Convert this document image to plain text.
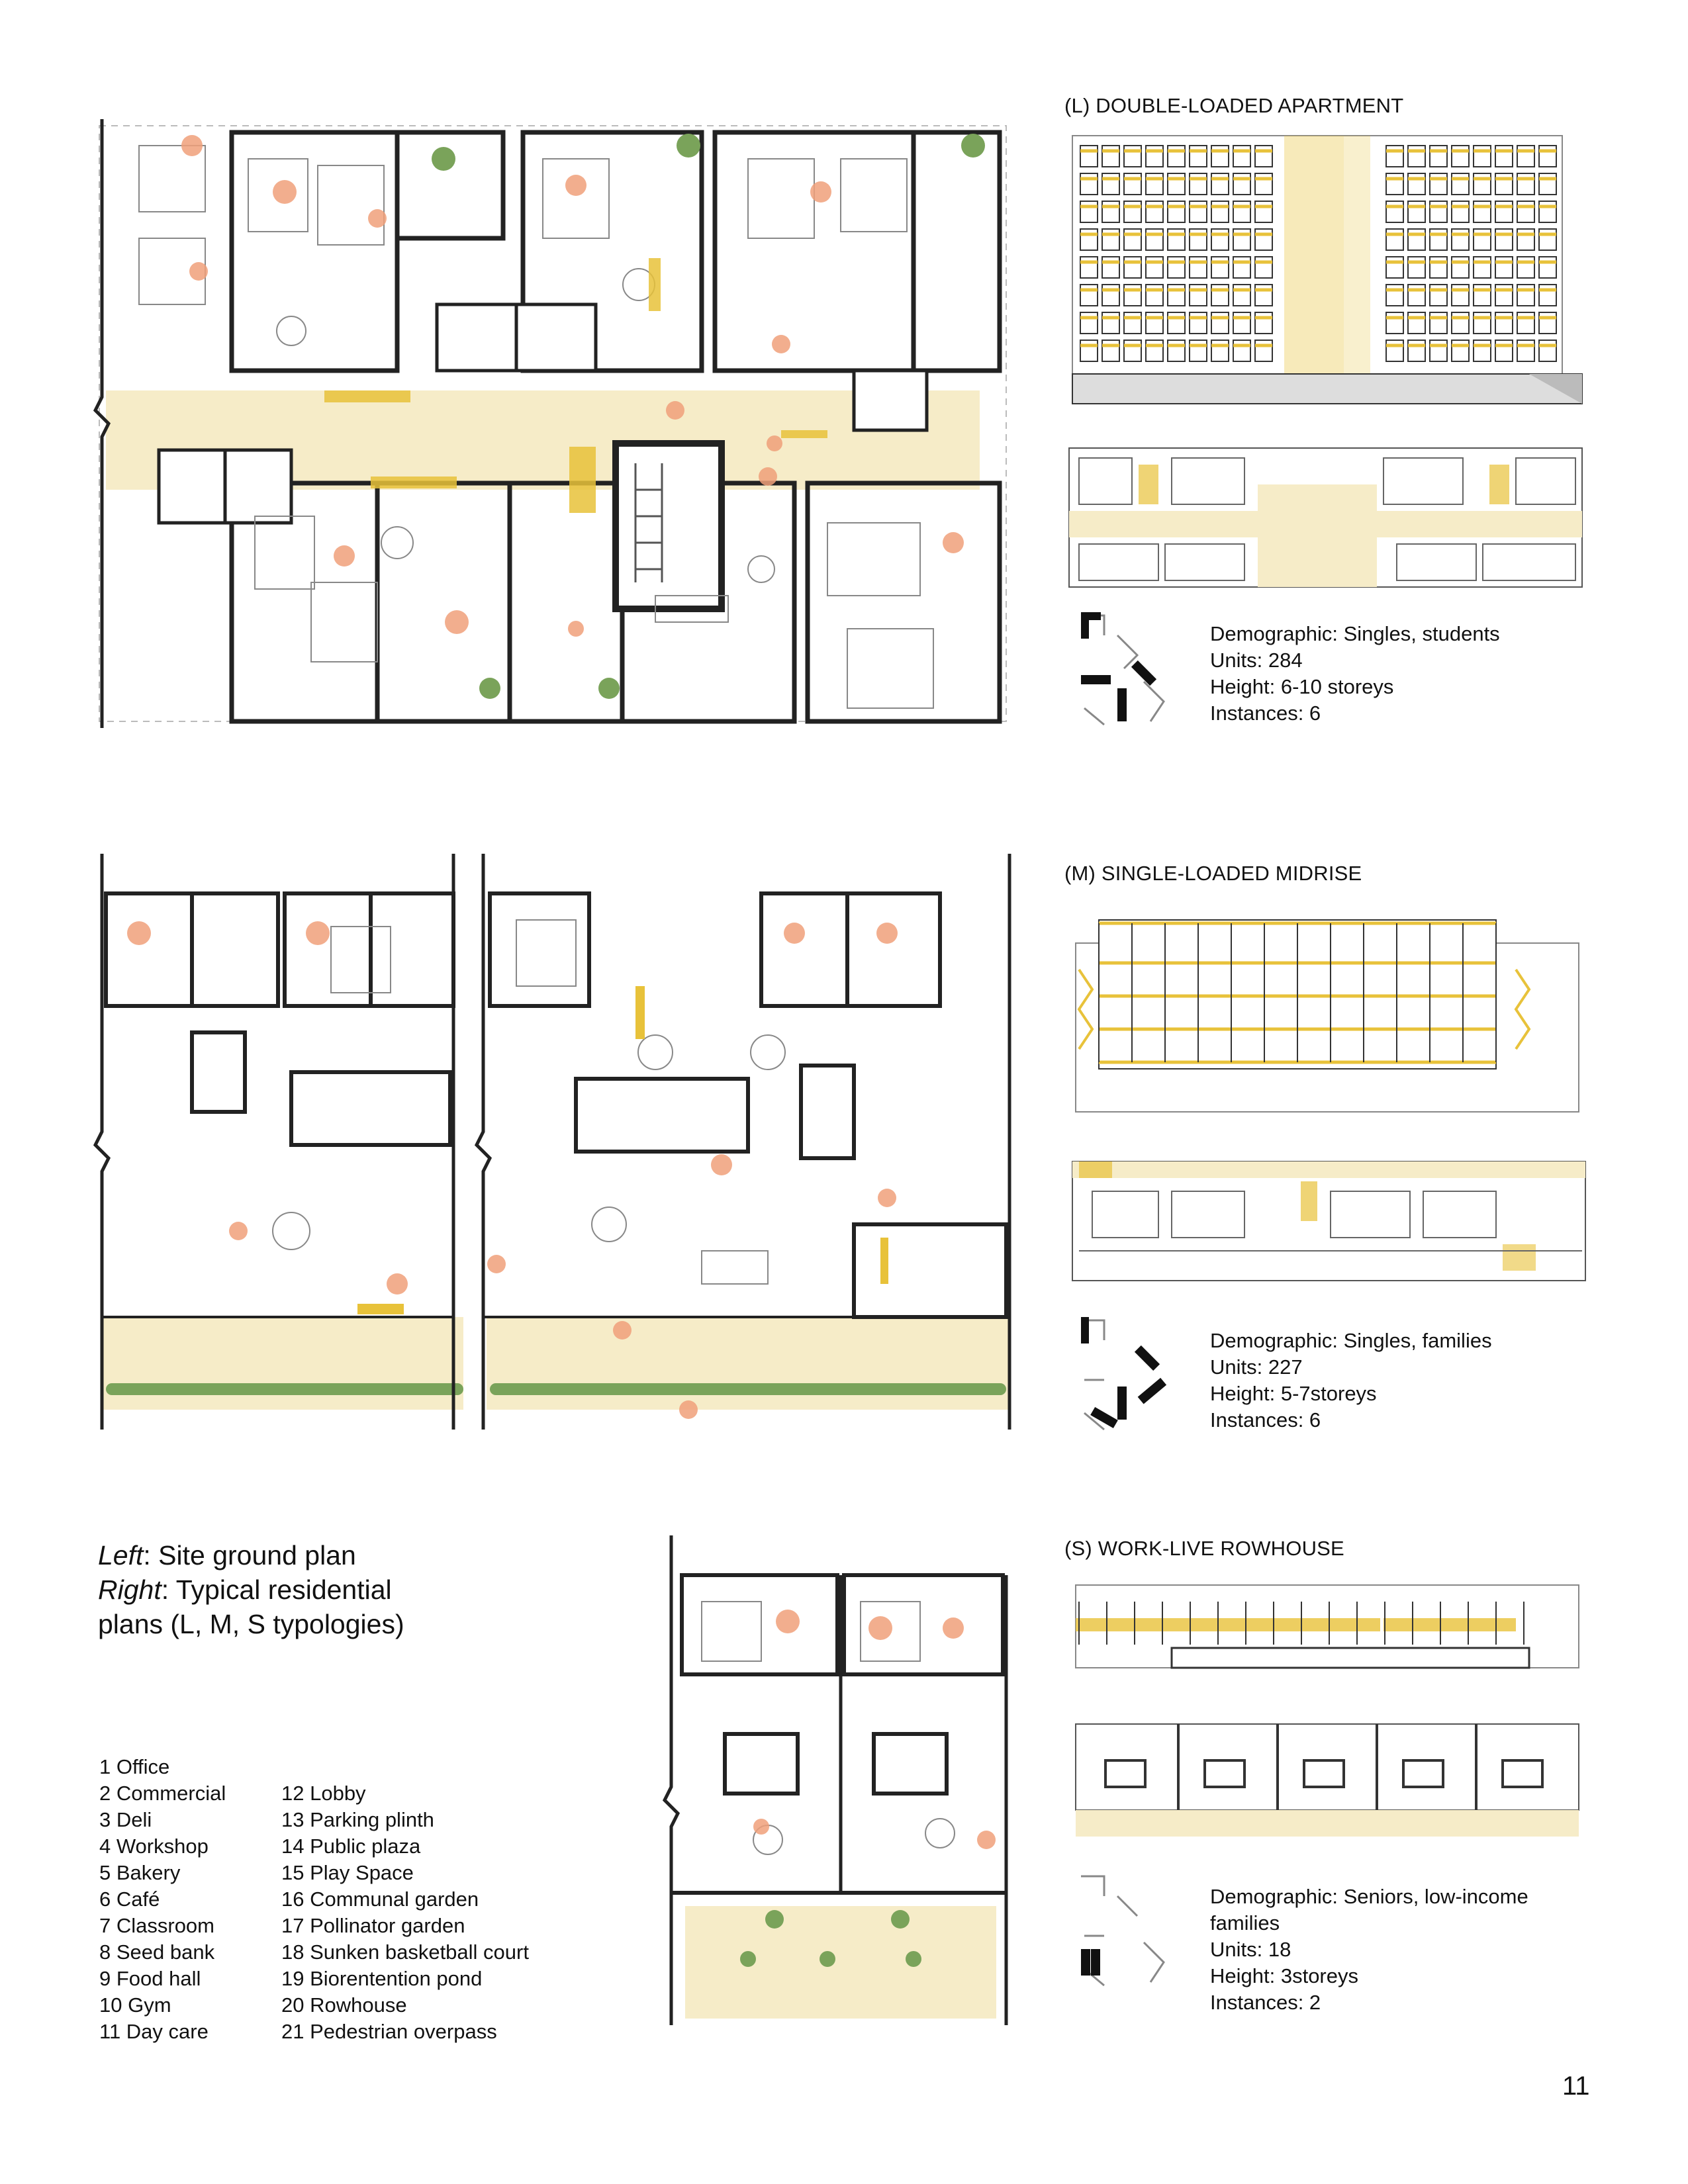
(L) DOUBLE-LOADED APARTMENT
Demographic: Singles, students
Units: 284
Height: 6-10 storeys
Instances: 6
(M) SINGLE-LOADED MIDRISE
Demographic: Singles, families
Units: 227
Height: 5-7storeys
Instances: 6
(S) WORK-LIVE ROWHOUSE
Demographic: Seniors, low-income
families
Units: 18
Height: 3storeys
Instances: 2
Left: Site ground plan
Right: Typical residential
plans (L, M, S typologies)
1 Office
2 Commercial
3 Deli
4 Workshop
5 Bakery
6 Café
7 Classroom
8 Seed bank
9 Food hall
10 Gym
11 Day care
12 Lobby
13 Parking plinth
14 Public plaza
15 Play Space
16 Communal garden
17 Pollinator garden
18 Sunken basketball court
19 Biorentention pond
20 Rowhouse
21 Pedestrian overpass
11
